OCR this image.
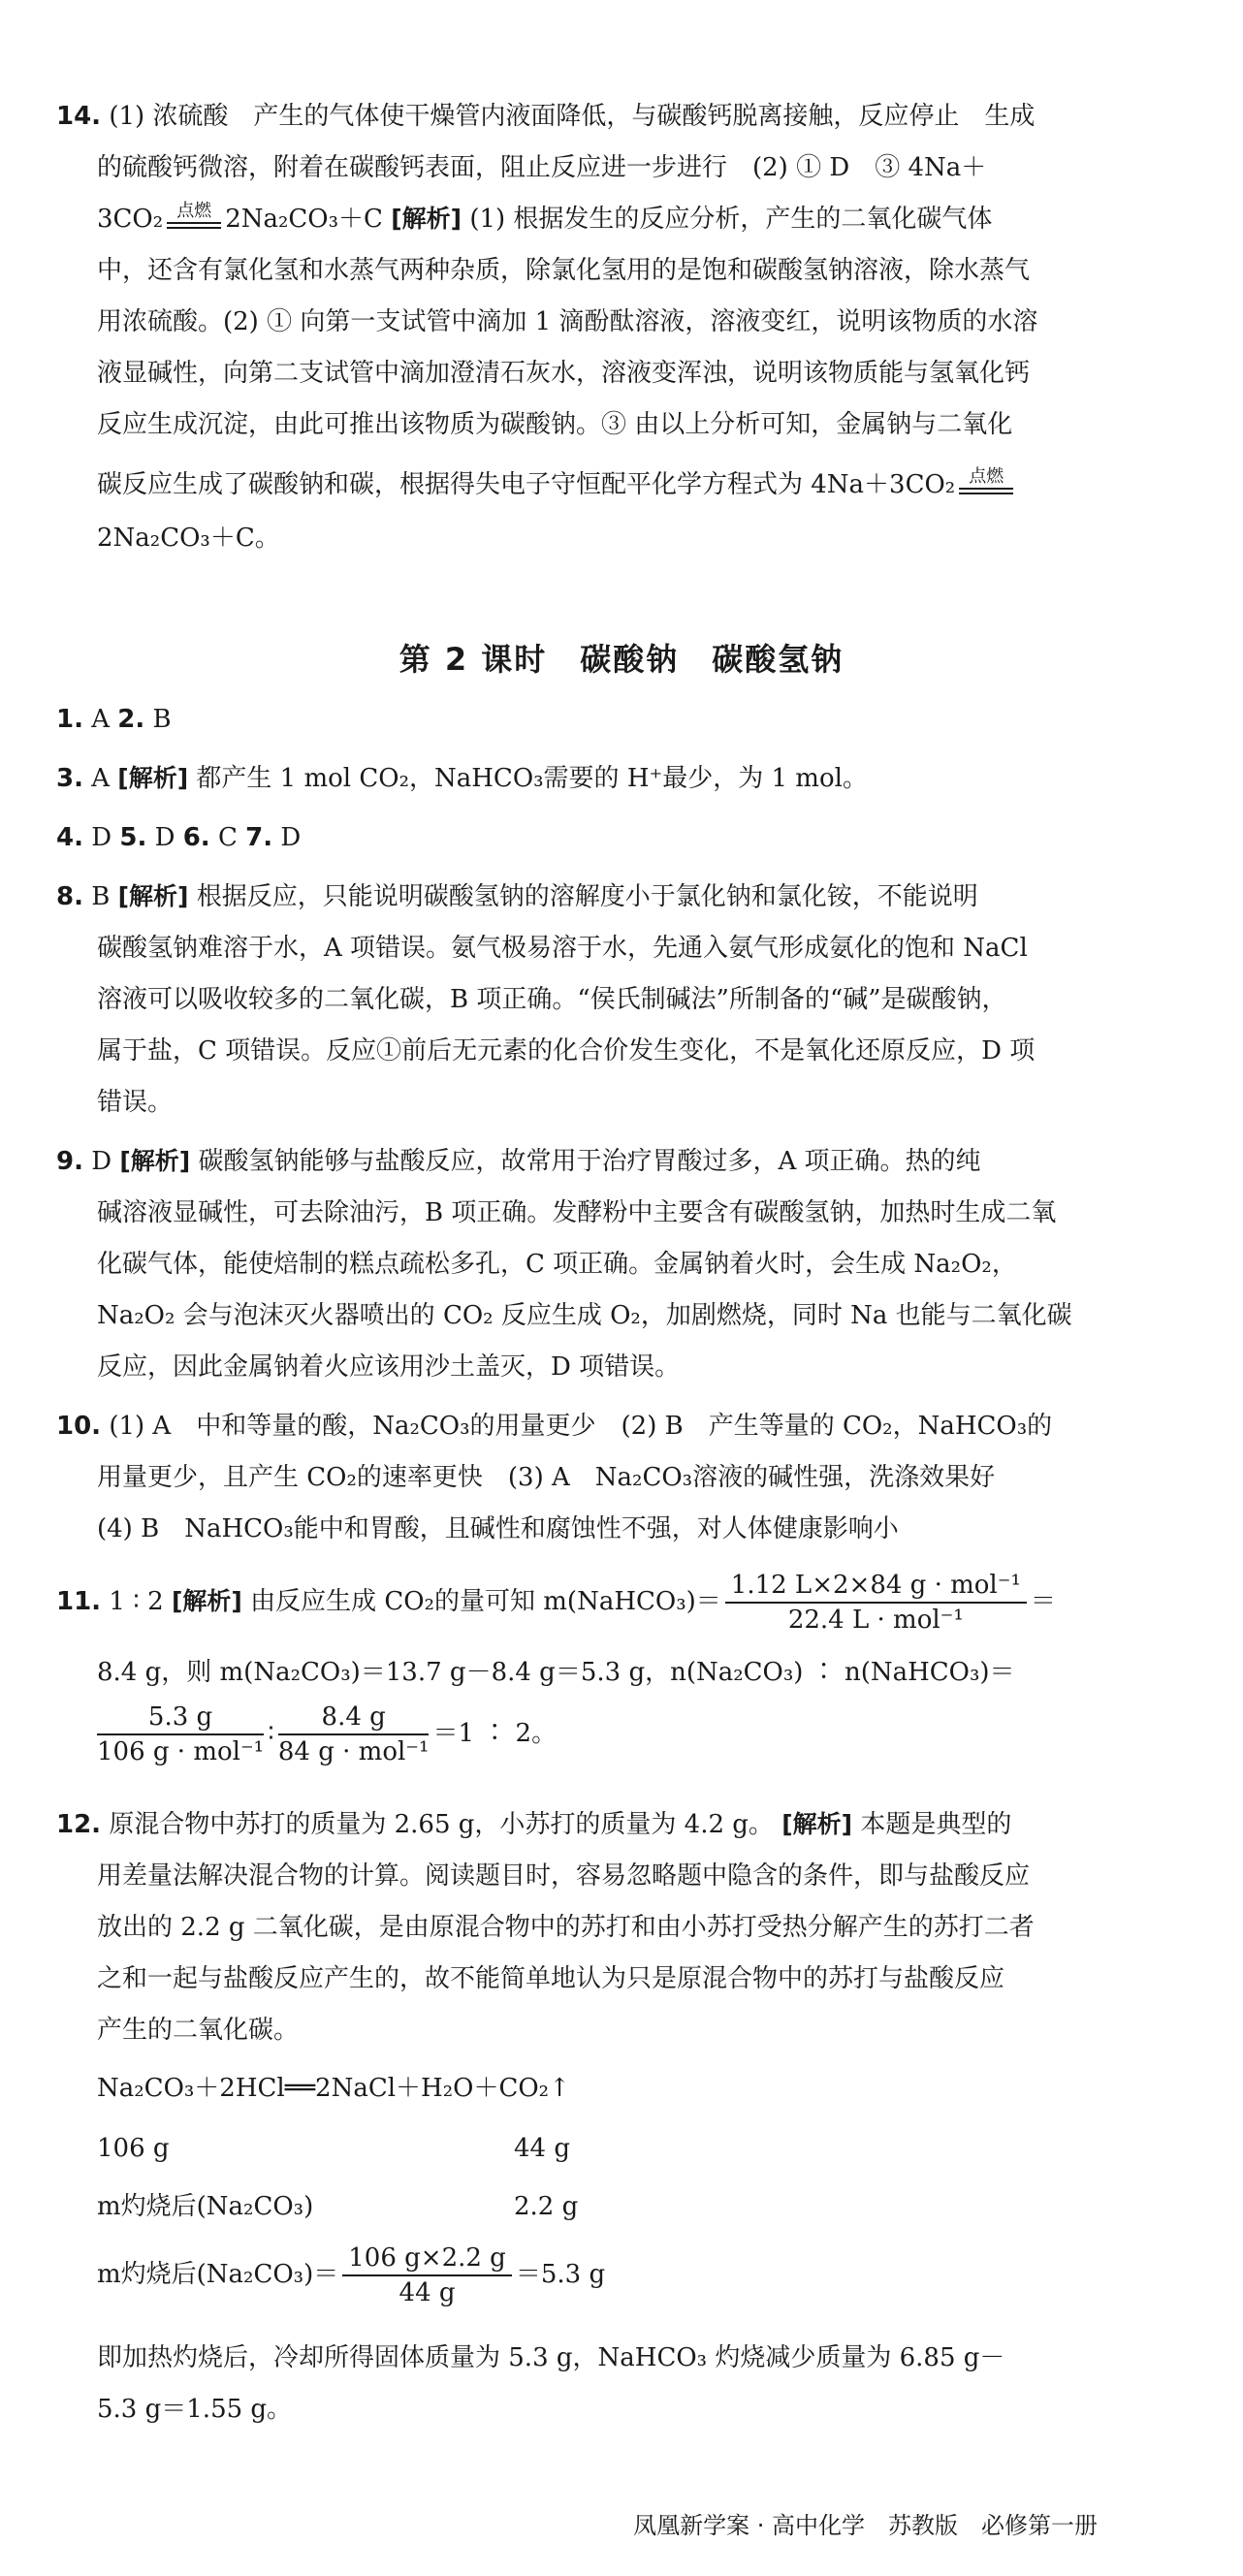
14. (1) 浓硫酸　产生的气体使干燥管内液面降低，与碳酸钙脱离接触，反应停止　生成
的硫酸钙微溶，附着在碳酸钙表面，阻止反应进一步进行　(2) ① D　③ 4Na＋
3CO₂ 点燃 2Na₂CO₃＋C [解析] (1) 根据发生的反应分析，产生的二氧化碳气体
中，还含有氯化氢和水蒸气两种杂质，除氯化氢用的是饱和碳酸氢钠溶液，除水蒸气
用浓硫酸。(2) ① 向第一支试管中滴加 1 滴酚酞溶液，溶液变红，说明该物质的水溶
液显碱性，向第二支试管中滴加澄清石灰水，溶液变浑浊，说明该物质能与氢氧化钙
反应生成沉淀，由此可推出该物质为碳酸钠。③ 由以上分析可知，金属钠与二氧化
碳反应生成了碳酸钠和碳，根据得失电子守恒配平化学方程式为 4Na＋3CO₂ 点燃
2Na₂CO₃＋C。
第 2 课时　碳酸钠　碳酸氢钠
1. A 2. B
3. A [解析] 都产生 1 mol CO₂，NaHCO₃需要的 H⁺最少，为 1 mol。
4. D 5. D 6. C 7. D
8. B [解析] 根据反应，只能说明碳酸氢钠的溶解度小于氯化钠和氯化铵，不能说明
碳酸氢钠难溶于水，A 项错误。氨气极易溶于水，先通入氨气形成氨化的饱和 NaCl
溶液可以吸收较多的二氧化碳，B 项正确。“侯氏制碱法”所制备的“碱”是碳酸钠，
属于盐，C 项错误。反应①前后无元素的化合价发生变化，不是氧化还原反应，D 项
错误。
9. D [解析] 碳酸氢钠能够与盐酸反应，故常用于治疗胃酸过多，A 项正确。热的纯
碱溶液显碱性，可去除油污，B 项正确。发酵粉中主要含有碳酸氢钠，加热时生成二氧
化碳气体，能使焙制的糕点疏松多孔，C 项正确。金属钠着火时，会生成 Na₂O₂，
Na₂O₂ 会与泡沫灭火器喷出的 CO₂ 反应生成 O₂，加剧燃烧，同时 Na 也能与二氧化碳
反应，因此金属钠着火应该用沙土盖灭，D 项错误。
10. (1) A　中和等量的酸，Na₂CO₃的用量更少　(2) B　产生等量的 CO₂，NaHCO₃的
用量更少，且产生 CO₂的速率更快　(3) A　Na₂CO₃溶液的碱性强，洗涤效果好
(4) B　NaHCO₃能中和胃酸，且碱性和腐蚀性不强，对人体健康影响小
11. 1 ∶ 2 [解析] 由反应生成 CO₂的量可知 m(NaHCO₃)＝ $\frac{\text{1.12 L×2×84 g · mol⁻¹}}{\text{22.4 L · mol⁻¹}}$ ＝
8.4 g，则 m(Na₂CO₃)＝13.7 g－8.4 g＝5.3 g，n(Na₂CO₃) ∶ n(NaHCO₃)＝
$\frac{5.3 g}{\text{106 g · mol⁻¹}}$ ∶ $\frac{8.4 g}{\text{84 g · mol⁻¹}} =1$ ∶ 2。
12. 原混合物中苏打的质量为 2.65 g，小苏打的质量为 4.2 g。 [解析] 本题是典型的
用差量法解决混合物的计算。阅读题目时，容易忽略题中隐含的条件，即与盐酸反应
放出的 2.2 g 二氧化碳，是由原混合物中的苏打和由小苏打受热分解产生的苏打二者
之和一起与盐酸反应产生的，故不能简单地认为只是原混合物中的苏打与盐酸反应
产生的二氧化碳。
Na₂CO₃＋2HCl══2NaCl＋H₂O＋CO₂↑
106 g	44 g
m灼烧后(Na₂CO₃)	2.2 g
m灼烧后$(Na_2CO_3)= \frac{106 g\times 2.2 g}{44 g} =5.3$ g
即加热灼烧后，冷却所得固体质量为 5.3 g，NaHCO₃ 灼烧减少质量为 6.85 g－
5.3 g＝1.55 g。
凤凰新学案 · 高中化学　苏教版　必修第一册
